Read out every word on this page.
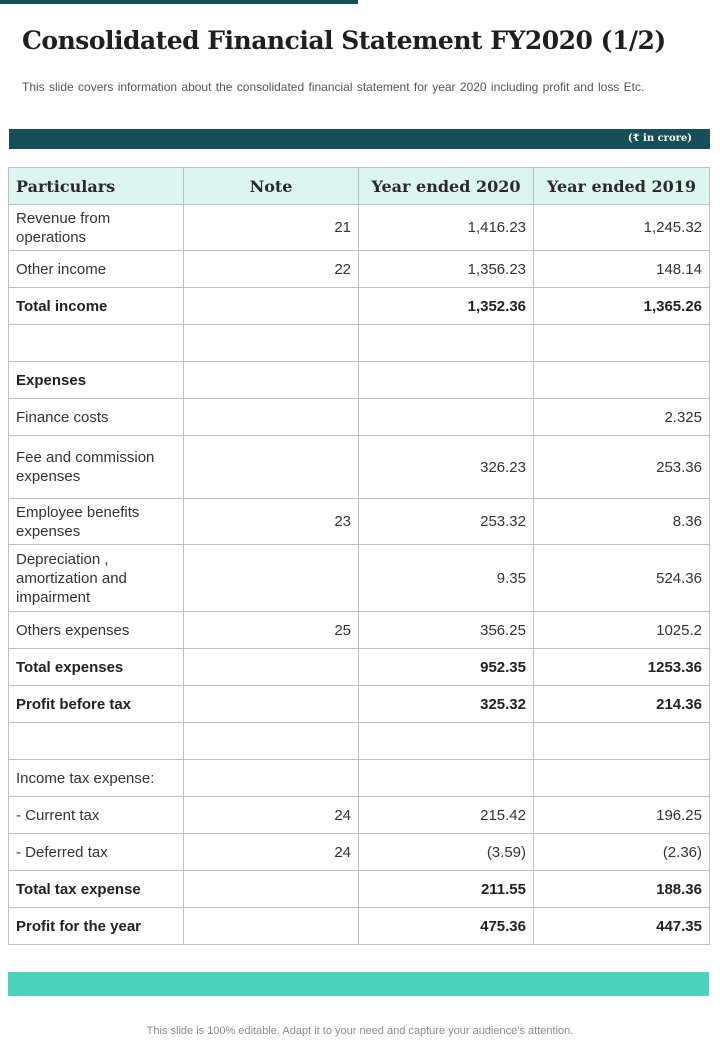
Consolidated Financial Statement FY2020 (1/2)
This slide covers information about the consolidated financial statement for year 2020 including profit and loss Etc.
(₹ in crore)
Particulars	Note	Year ended 2020	Year ended 2019
Revenue from operations	21	1,416.23	1,245.32
Other income	22	1,356.23	148.14
Total income		1,352.36	1,365.26

Expenses			
Finance costs			2.325
Fee and commission expenses		326.23	253.36
Employee benefits expenses	23	253.32	8.36
Depreciation , amortization and impairment		9.35	524.36
Others expenses	25	356.25	1025.2
Total expenses		952.35	1253.36
Profit before tax		325.32	214.36

Income tax expense:			
- Current tax	24	215.42	196.25
- Deferred tax	24	(3.59)	(2.36)
Total tax expense		211.55	188.36
Profit for the year		475.36	447.35
This slide is 100% editable. Adapt it to your need and capture your audience’s attention.
